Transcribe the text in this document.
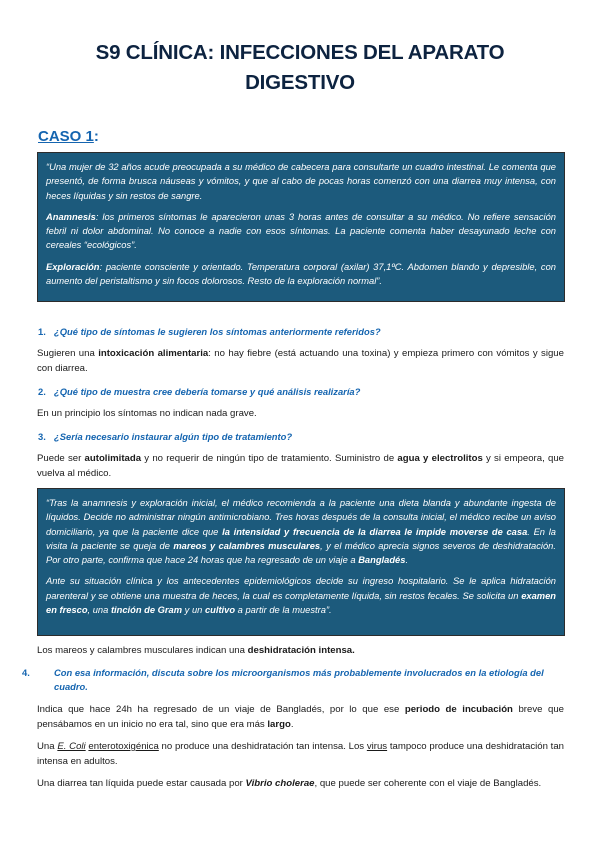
S9 CLÍNICA: INFECCIONES DEL APARATO DIGESTIVO
CASO 1:

“Una mujer de 32 años acude preocupada a su médico de cabecera para consultarte un cuadro intestinal. Le comenta que presentó, de forma brusca náuseas y vómitos, y que al cabo de pocas horas comenzó con una diarrea muy intensa, con heces líquidas y sin restos de sangre.

Anamnesis: los primeros síntomas le aparecieron unas 3 horas antes de consultar a su médico. No refiere sensación febril ni dolor abdominal. No conoce a nadie con esos síntomas. La paciente comenta haber desayunado leche con cereales “ecológicos”.

Exploración: paciente consciente y orientado. Temperatura corporal (axilar) 37,1ºC. Abdomen blando y depresible, con aumento del peristaltismo y sin focos dolorosos. Resto de la exploración normal”.

1. ¿Qué tipo de síntomas le sugieren los síntomas anteriormente referidos?
Sugieren una intoxicación alimentaria: no hay fiebre (está actuando una toxina) y empieza primero con vómitos y sigue con diarrea.
2. ¿Qué tipo de muestra cree debería tomarse y qué análisis realizaría?
En un principio los síntomas no indican nada grave.
3. ¿Sería necesario instaurar algún tipo de tratamiento?
Puede ser autolimitada y no requerir de ningún tipo de tratamiento. Suministro de agua y electrolitos y si empeora, que vuelva al médico.

“Tras la anamnesis y exploración inicial, el médico recomienda a la paciente una dieta blanda y abundante ingesta de líquidos. Decide no administrar ningún antimicrobiano. Tres horas después de la consulta inicial, el médico recibe un aviso domiciliario, ya que la paciente dice que la intensidad y frecuencia de la diarrea le impide moverse de casa. En la visita la paciente se queja de mareos y calambres musculares, y el médico aprecia signos severos de deshidratación. Por otro parte, confirma que hace 24 horas que ha regresado de un viaje a Bangladés.

Ante su situación clínica y los antecedentes epidemiológicos decide su ingreso hospitalario. Se le aplica hidratación parenteral y se obtiene una muestra de heces, la cual es completamente líquida, sin restos fecales. Se solicita un examen en fresco, una tinción de Gram y un cultivo a partir de la muestra”.

Los mareos y calambres musculares indican una deshidratación intensa.
4.	Con esa información, discuta sobre los microorganismos más probablemente involucrados en la etiología del cuadro.
Indica que hace 24h ha regresado de un viaje de Bangladés, por lo que ese periodo de incubación breve que pensábamos en un inicio no era tal, sino que era más largo.
Una E. Coli enterotoxigénica no produce una deshidratación tan intensa. Los virus tampoco produce una deshidratación tan intensa en adultos.
Una diarrea tan líquida puede estar causada por Vibrio cholerae, que puede ser coherente con el viaje de Bangladés.
